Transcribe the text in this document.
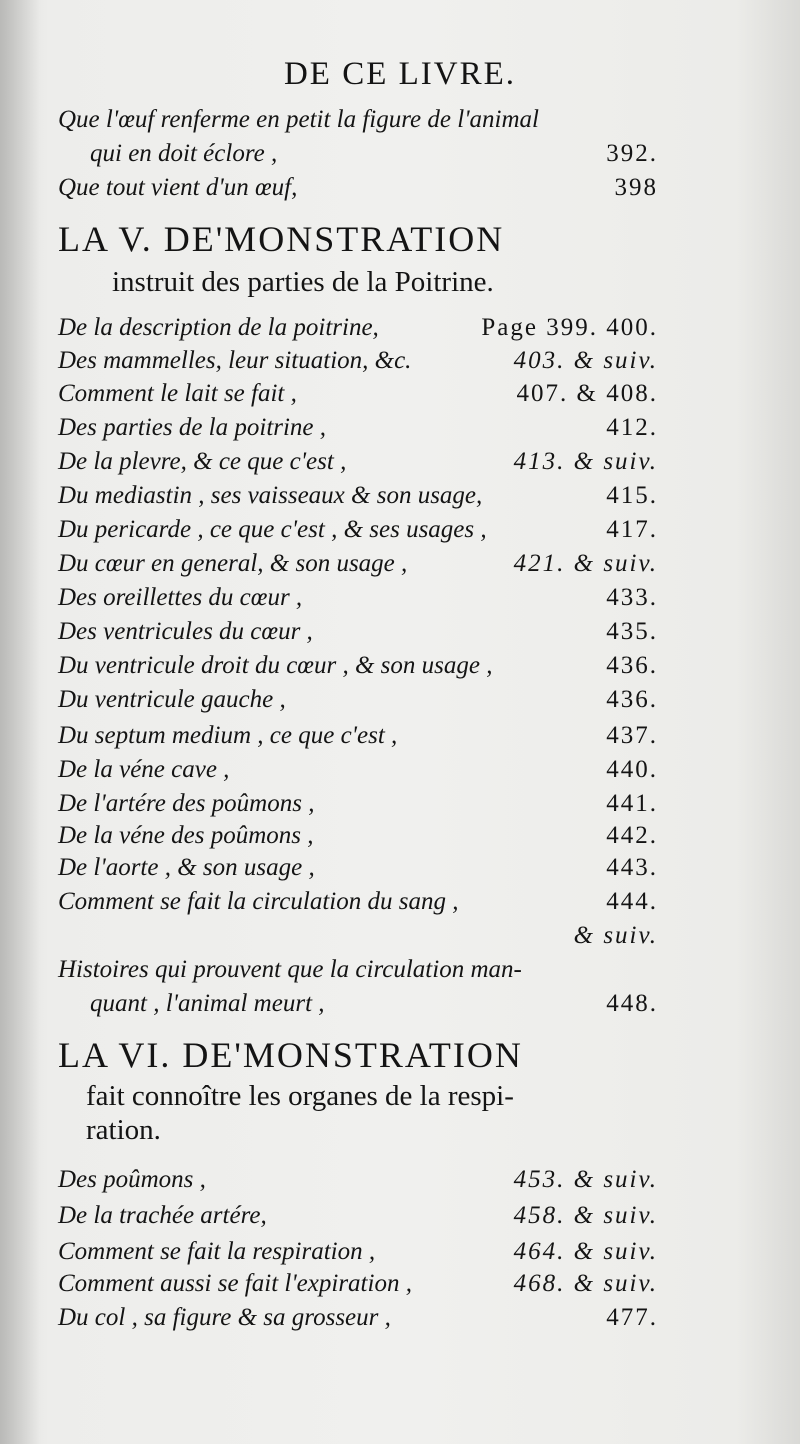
DE CE LIVRE.
Que l'œuf renferme en petit la figure de l'animal
qui en doit éclore ,	392.
Que tout vient d'un œuf,	398
LA V. DE'MONSTRATION
instruit des parties de la Poitrine.
De la description de la poitrine,	Page 399. 400.
Des mammelles, leur situation, &c.	403. & suiv.
Comment le lait se fait ,	407. & 408.
Des parties de la poitrine ,	412.
De la plevre, & ce que c'est ,	413. & suiv.
Du mediastin , ses vaisseaux & son usage,	415.
Du pericarde , ce que c'est , & ses usages ,	417.
Du cœur en general, & son usage ,	421. & suiv.
Des oreillettes du cœur ,	433.
Des ventricules du cœur ,	435.
Du ventricule droit du cœur , & son usage ,	436.
Du ventricule gauche ,	436.
Du septum medium , ce que c'est ,	437.
De la véne cave ,	440.
De l'artére des poûmons ,	441.
De la véne des poûmons ,	442.
De l'aorte , & son usage ,	443.
Comment se fait la circulation du sang ,	444.
& suiv.
Histoires qui prouvent que la circulation man-
quant , l'animal meurt ,	448.
LA VI. DE'MONSTRATION
fait connoître les organes de la respi-
ration.
Des poûmons ,	453. & suiv.
De la trachée artére,	458. & suiv.
Comment se fait la respiration ,	464. & suiv.
Comment aussi se fait l'expiration ,	468. & suiv.
Du col , sa figure & sa grosseur ,	477.
